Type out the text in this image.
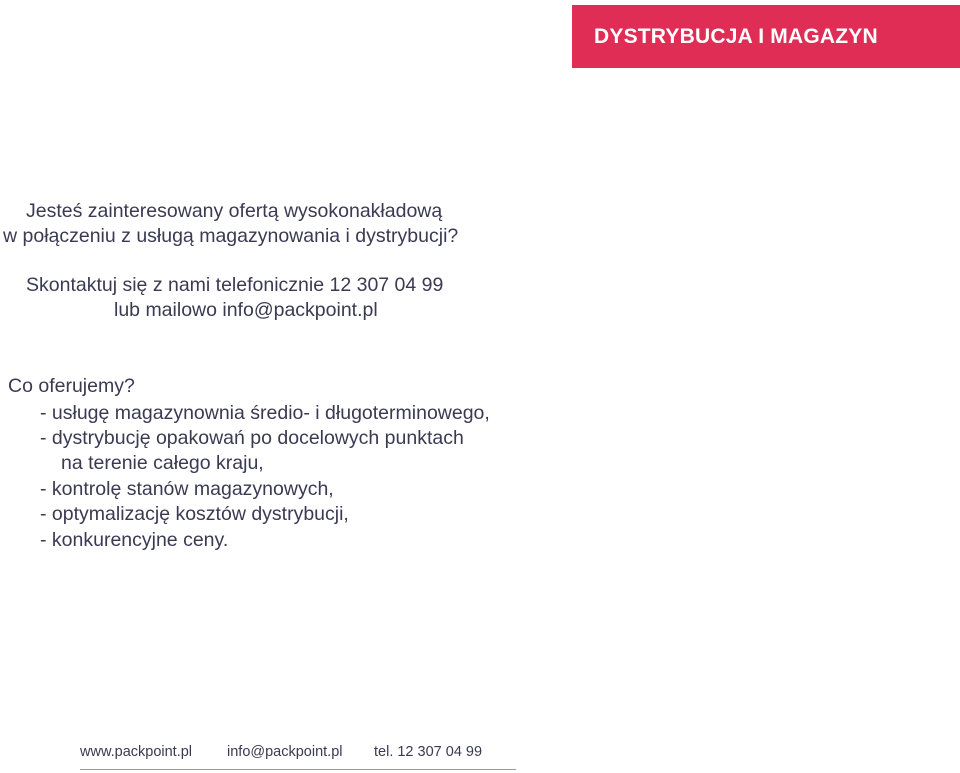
DYSTRYBUCJA I MAGAZYN
Jesteś zainteresowany ofertą wysokonakładową
w połączeniu z usługą magazynowania i dystrybucji?
Skontaktuj się z nami telefonicznie 12 307 04 99
lub mailowo info@packpoint.pl
Co oferujemy?
- usługę magazynownia średio- i długoterminowego,
- dystrybucję opakowań po docelowych punktach
na terenie całego kraju,
- kontrolę stanów magazynowych,
- optymalizację kosztów dystrybucji,
- konkurencyjne ceny.
www.packpoint.pl info@packpoint.pl tel. 12 307 04 99
